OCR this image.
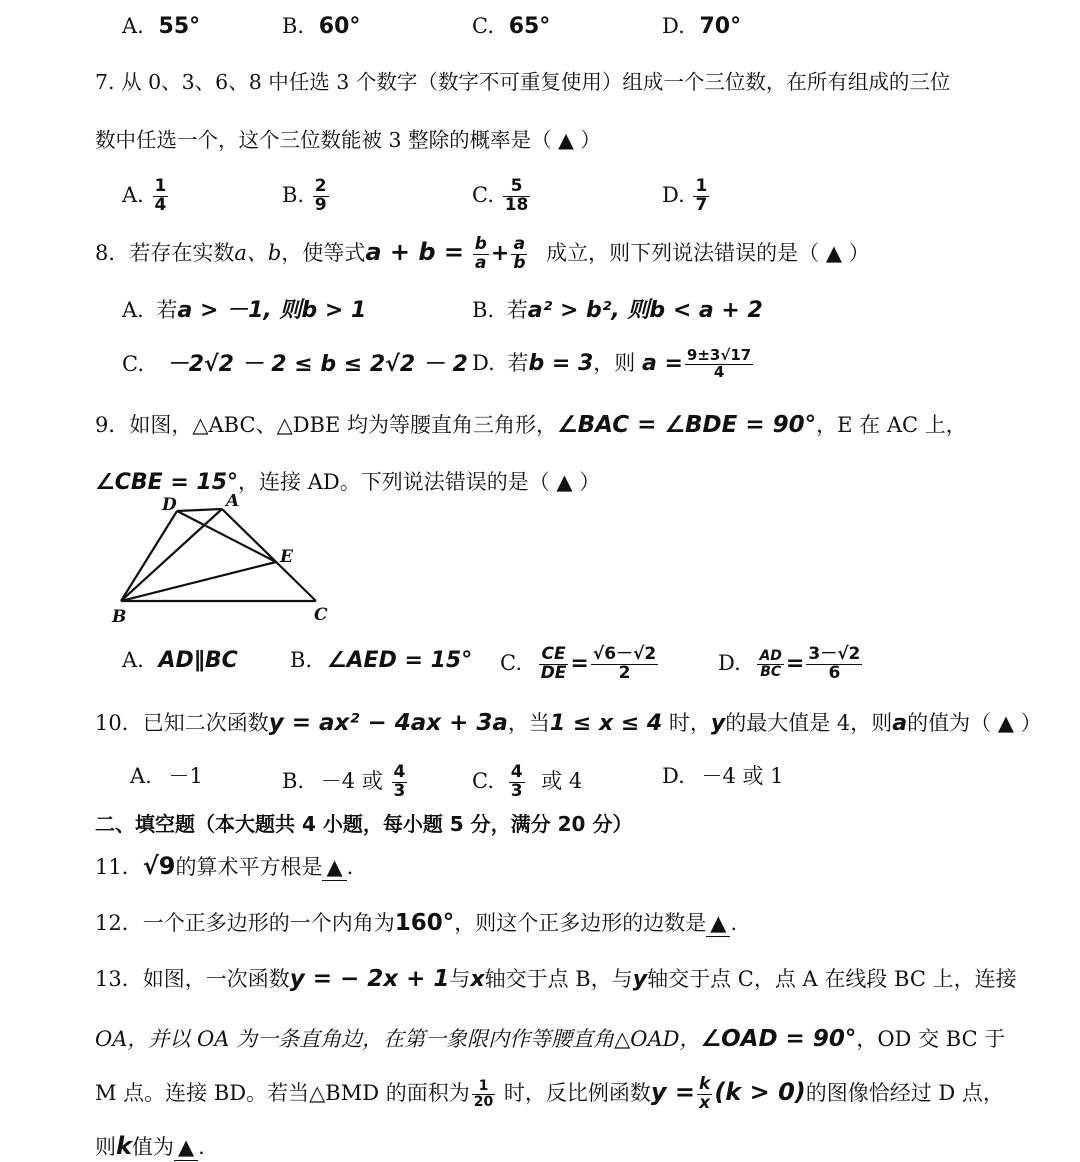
A. 55°	B. 60°	C. 65°	D. 70°
7. 从 0、3、6、8 中任选 3 个数字（数字不可重复使用）组成一个三位数，在所有组成的三位
数中任选一个，这个三位数能被 3 整除的概率是（ ▲ ）
A. $\frac{1}{4}$	B. $\frac{2}{9}$	C. $\frac{5}{18}$	D. $\frac{1}{7}$
8．若存在实数a、b，使等式$a + b = \frac{b}{a} + \frac{a}{b}$ 成立，则下列说法错误的是（ ▲ ）
A. 若a > －1, 则b > 1	B. 若a² > b², 则b < a + 2
C. －2√2 － 2 ≤ b ≤ 2√2 － 2 D. 若b = 3，则 $a = \frac{9\pm 3√17}{4}$
9．如图，△ABC、△DBE 均为等腰直角三角形，∠BAC = ∠BDE = 90°，E 在 AC 上，
∠CBE = 15°，连接 AD。下列说法错误的是（ ▲ ）
D	A
E
B	C
A. AD∥BC B. ∠AED = 15° C. $\frac{CE}{DE} = \frac{√6-√2}{2}$	D. $\frac{AD}{BC} = \frac{3-√2}{6}$
10．已知二次函数y = ax² − 4ax + 3a，当1 ≤ x ≤ 4 时，y的最大值是 4，则a的值为（ ▲ ）
A. －1	B. －4 或 $\frac{4}{3}$	C. $\frac{4}{3}$ 或 4	D. －4 或 1
二、填空题（本大题共 4 小题，每小题 5 分，满分 20 分）
11．√9的算术平方根是 ▲ .
12．一个正多边形的一个内角为160°，则这个正多边形的边数是 ▲ .
13．如图，一次函数y = − 2x + 1与x轴交于点 B，与y轴交于点 C，点 A 在线段 BC 上，连接
OA，并以 OA 为一条直角边，在第一象限内作等腰直角△OAD，∠OAD = 90°，OD 交 BC 于
M 点。连接 BD。若当△BMD 的面积为 $\frac{1}{20}$ 时，反比例函数$y = \frac{k}{x} (k > 0)$的图像恰经过 D 点，
则k值为 ▲ .
